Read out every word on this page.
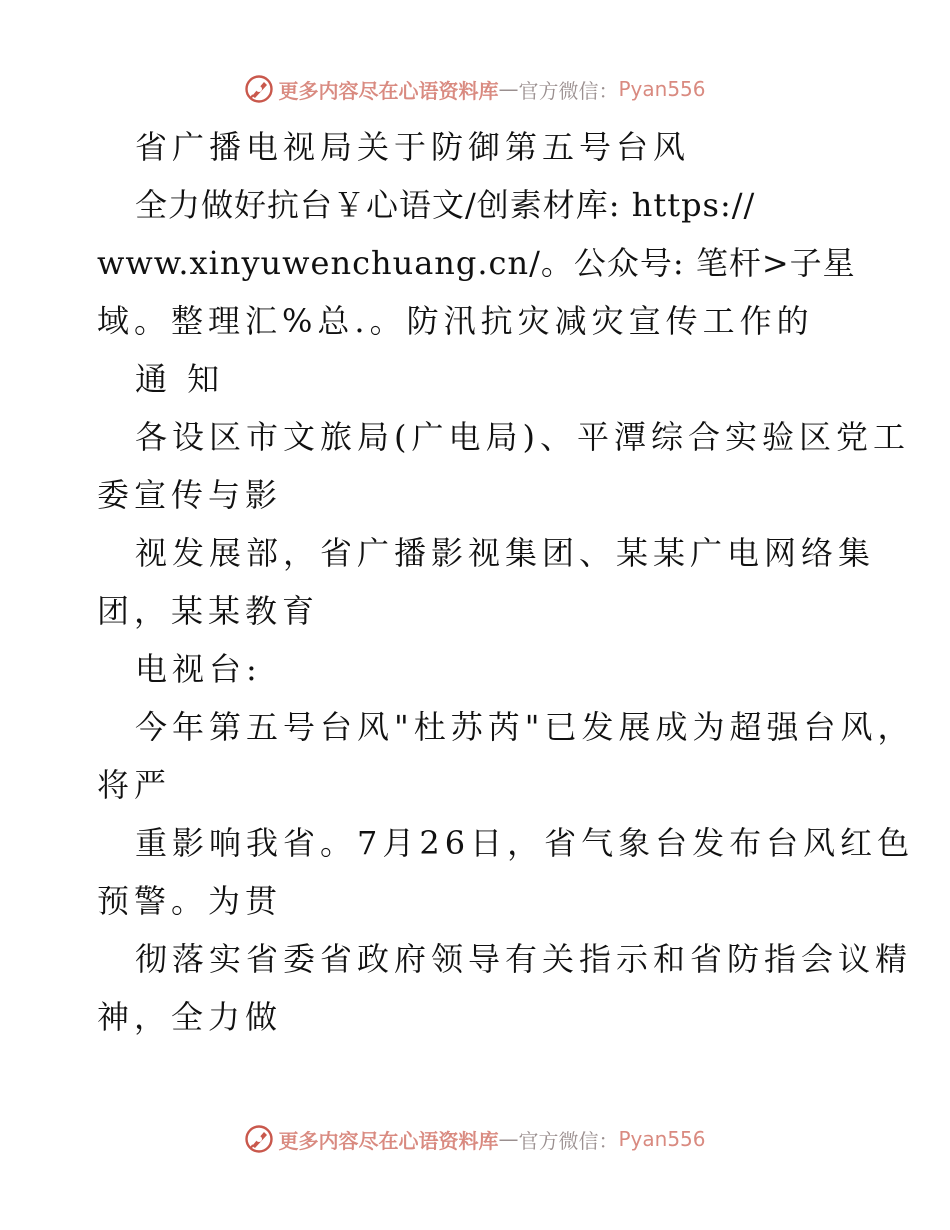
更多内容尽在心语资料库 — 官方微信： Pyan556
省广播电视局关于防御第五号台风
全力做好抗台￥心语文/创素材库: https://
www.xinyuwenchuang.cn/。公众号: 笔杆>子星
域。整理汇%总.。防汛抗灾减灾宣传工作的
通 知
各设区市文旅局(广电局)、平潭综合实验区党工
委宣传与影
视发展部，省广播影视集团、某某广电网络集
团，某某教育
电视台:
今年第五号台风"杜苏芮"已发展成为超强台风，
将严
重影响我省。7月26日，省气象台发布台风红色
预警。为贯
彻落实省委省政府领导有关指示和省防指会议精
神，全力做
更多内容尽在心语资料库 — 官方微信： Pyan556
